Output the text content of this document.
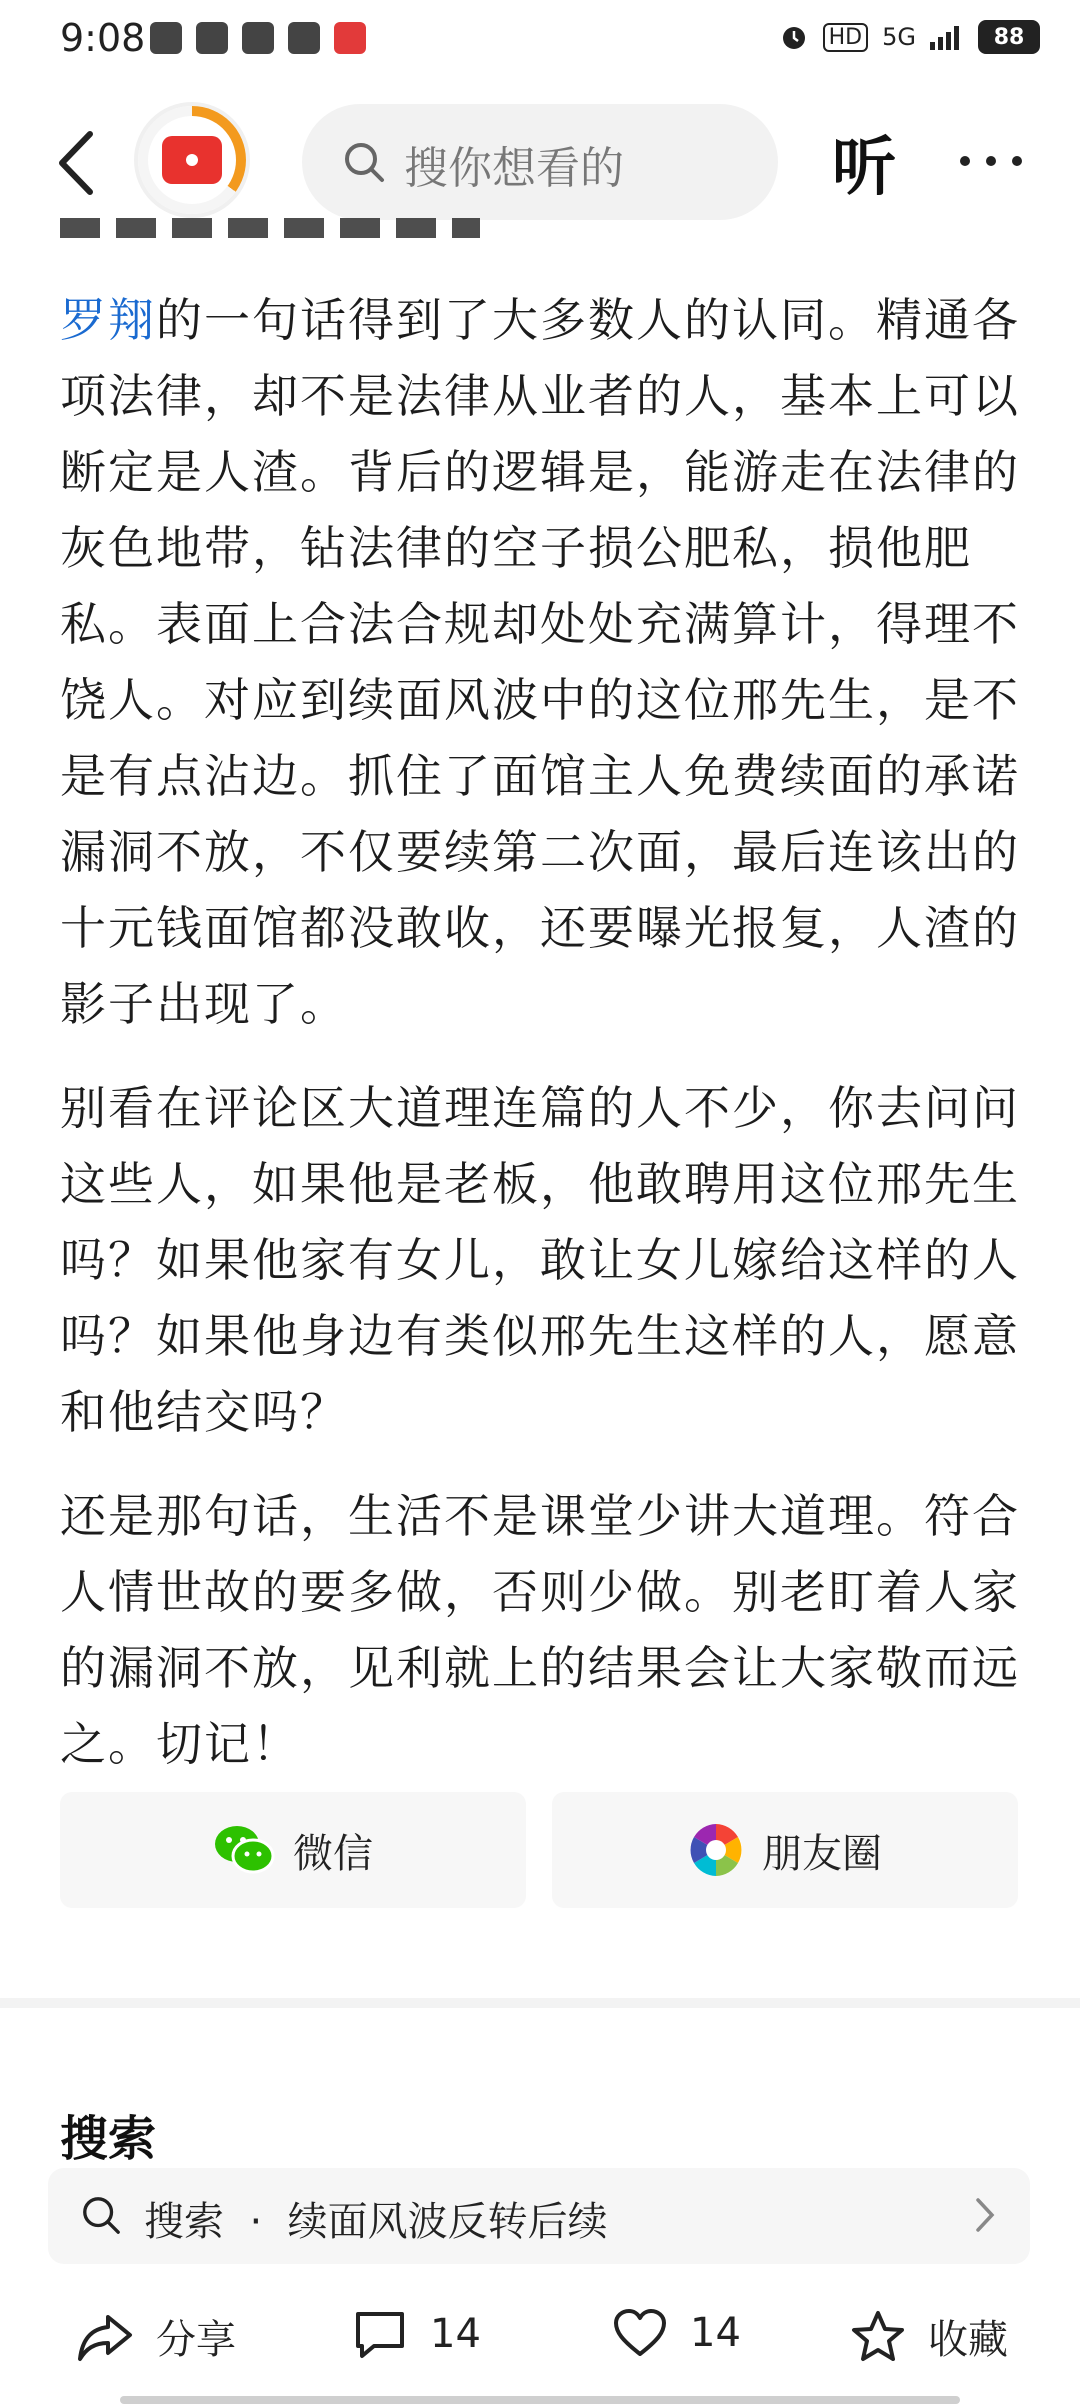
9:08	HD 5G	88
搜你想看的	听

罗翔的一句话得到了大多数人的认同。精通各项法律，却不是法律从业者的人，基本上可以断定是人渣。背后的逻辑是，能游走在法律的灰色地带，钻法律的空子损公肥私，损他肥私。表面上合法合规却处处充满算计，得理不饶人。对应到续面风波中的这位邢先生，是不是有点沾边。抓住了面馆主人免费续面的承诺漏洞不放，不仅要续第二次面，最后连该出的十元钱面馆都没敢收，还要曝光报复，人渣的影子出现了。

别看在评论区大道理连篇的人不少，你去问问这些人，如果他是老板，他敢聘用这位邢先生吗？如果他家有女儿，敢让女儿嫁给这样的人吗？如果他身边有类似邢先生这样的人，愿意和他结交吗？

还是那句话，生活不是课堂少讲大道理。符合人情世故的要多做，否则少做。别老盯着人家的漏洞不放，见利就上的结果会让大家敬而远之。切记！

微信	朋友圈
搜索
搜索 · 续面风波反转后续
分享	14	14	收藏
